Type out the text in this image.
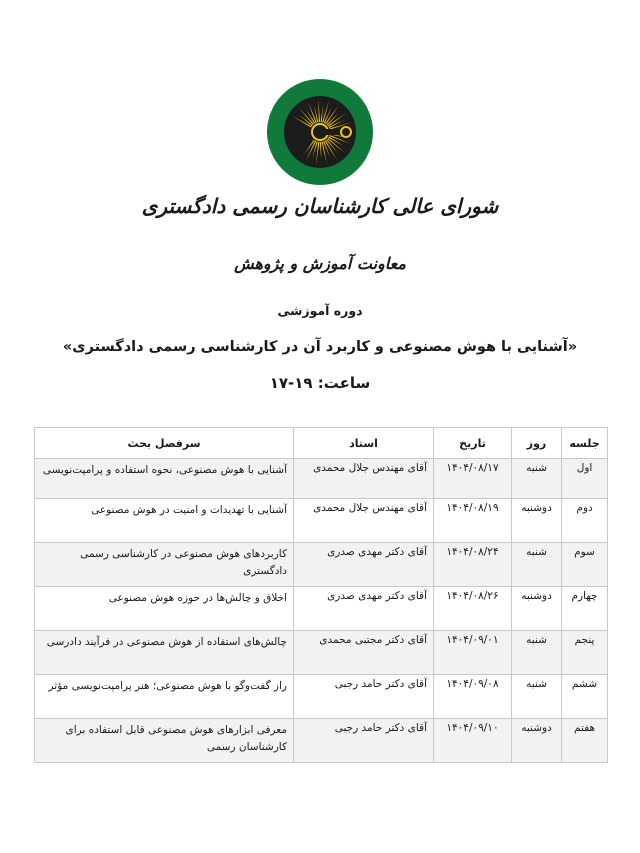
شورای عالی کارشناسان رسمی دادگستری
معاونت آموزش و پژوهش
دوره آموزشی
«آشنایی با هوش مصنوعی و کاربرد آن در کارشناسی رسمی دادگستری»
ساعت: ۱۹-۱۷
جلسه	روز	تاریخ	استاد	سرفصل بحث
اول	شنبه	۱۴۰۴/۰۸/۱۷	آقای مهندس جلال محمدی	آشنایی با هوش مصنوعی، نحوه استفاده و پرامپت‌نویسی
دوم	دوشنبه	۱۴۰۴/۰۸/۱۹	آقای مهندس جلال محمدی	آشنایی با تهدیدات و امنیت در هوش مصنوعی
سوم	شنبه	۱۴۰۴/۰۸/۲۴	آقای دکتر مهدی صدری	کاربردهای هوش مصنوعی در کارشناسی رسمی دادگستری
چهارم	دوشنبه	۱۴۰۴/۰۸/۲۶	آقای دکتر مهدی صدری	اخلاق و چالش‌ها در حوزه هوش مصنوعی
پنجم	شنبه	۱۴۰۴/۰۹/۰۱	آقای دکتر مجتبی محمدی	چالش‌های استفاده از هوش مصنوعی در فرآیند دادرسی
ششم	شنبه	۱۴۰۴/۰۹/۰۸	آقای دکتر حامد رجبی	راز گفت‌وگو با هوش مصنوعی؛ هنر پرامپت‌نویسی مؤثر
هفتم	دوشنبه	۱۴۰۴/۰۹/۱۰	آقای دکتر حامد رجبی	معرفی ابزارهای هوش مصنوعی قابل استفاده برای کارشناسان رسمی
